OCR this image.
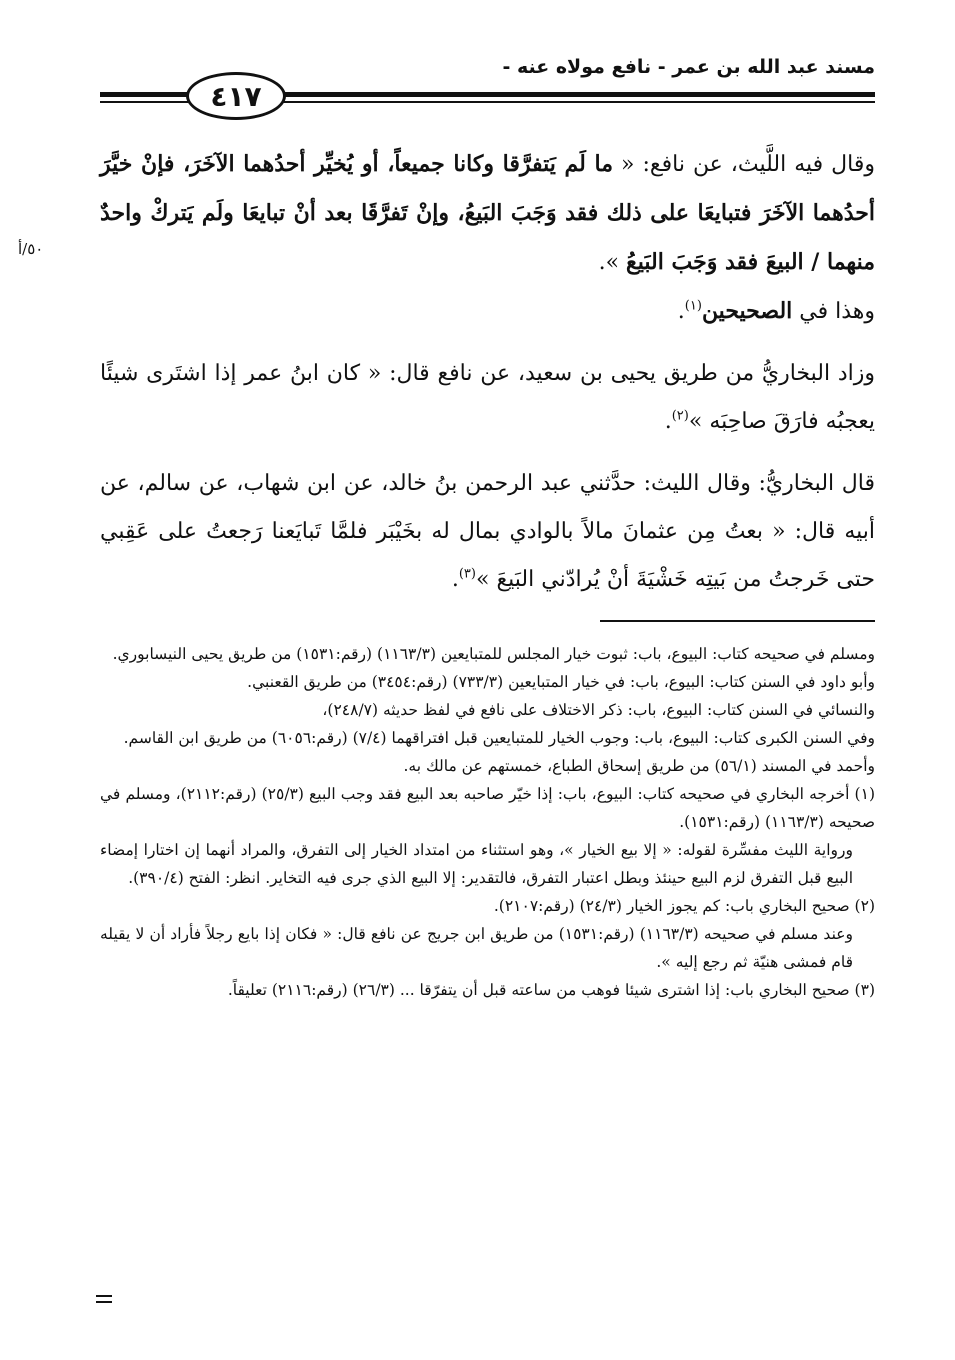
مسند عبد الله بن عمر - نافع مولاه عنه -
٤١٧
٥٠/أ

وقال فيه اللَّيث، عن نافع: « ما لَم يَتفرَّقا وكانا جميعاً، أو يُخيِّر أحدُهما الآخَرَ، فإنْ خيَّرَ أحدُهما الآخَرَ فتبايعَا على ذلك فقد وَجَبَ البَيعُ، وإنْ تَفرَّقَا بعد أنْ تبايعَا ولَم يَتركْ واحدٌ منهما / البيعَ فقد وَجَبَ البَيعُ ».
وهذا في الصحيحين$^{(١)}$.

وزاد البخاريُّ من طريق يحيى بن سعيد، عن نافع قال: « كان ابنُ عمر إذا اشتَرى شيئًا يعجبُه فارَقَ صاحِبَه »$^{(٢)}$.

قال البخاريُّ: وقال الليث: حدَّثني عبد الرحمن بنُ خالد، عن ابن شهاب، عن سالم، عن أبيه قال: « بعتُ مِن عثمانَ مالاً بالوادي بمال له بخَيْبَر فلمَّا تَبايَعنا رَجعتُ على عَقِبي حتى خَرجتُ من بَيتِه خَشْيَةَ أنْ يُرادّني البَيعَ »$^{(٣)}$.

ومسلم في صحيحه كتاب: البيوع، باب: ثبوت خيار المجلس للمتبايعين (١١٦٣/٣) (رقم:١٥٣١) من طريق يحيى النيسابوري.

وأبو داود في السنن كتاب: البيوع، باب: في خيار المتبايعين (٧٣٣/٣) (رقم:٣٤٥٤) من طريق القعنبي.

والنسائي في السنن كتاب: البيوع، باب: ذكر الاختلاف على نافع في لفظ حديثه (٢٤٨/٧)،

وفي السنن الكبرى كتاب: البيوع، باب: وجوب الخيار للمتبايعين قبل افتراقهما (٧/٤) (رقم:٦٠٥٦) من طريق ابن القاسم.

وأحمد في المسند (٥٦/١) من طريق إسحاق الطباع، خمستهم عن مالك به.

(١) أخرجه البخاري في صحيحه كتاب: البيوع، باب: إذا خيّر صاحبه بعد البيع فقد وجب البيع (٢٥/٣) (رقم:٢١١٢)، ومسلم في صحيحه (١١٦٣/٣) (رقم:١٥٣١).

ورواية الليث مفسِّرة لقوله: « إلا بيع الخيار »، وهو استثناء من امتداد الخيار إلى التفرق، والمراد أنهما إن اختارا إمضاء البيع قبل التفرق لزم البيع حينئذ وبطل اعتبار التفرق، فالتقدير: إلا البيع الذي جرى فيه التخاير. انظر: الفتح (٣٩٠/٤).

(٢) صحيح البخاري باب: كم يجوز الخيار (٢٤/٣) (رقم:٢١٠٧).

وعند مسلم في صحيحه (١١٦٣/٣) (رقم:١٥٣١) من طريق ابن جريج عن نافع قال: « فكان إذا بايع رجلاً فأراد أن لا يقيله قام فمشى هنيّة ثم رجع إليه ».

(٣) صحيح البخاري باب: إذا اشترى شيئا فوهب من ساعته قبل أن يتفرّقا ... (٢٦/٣) (رقم:٢١١٦) تعليقاً.
